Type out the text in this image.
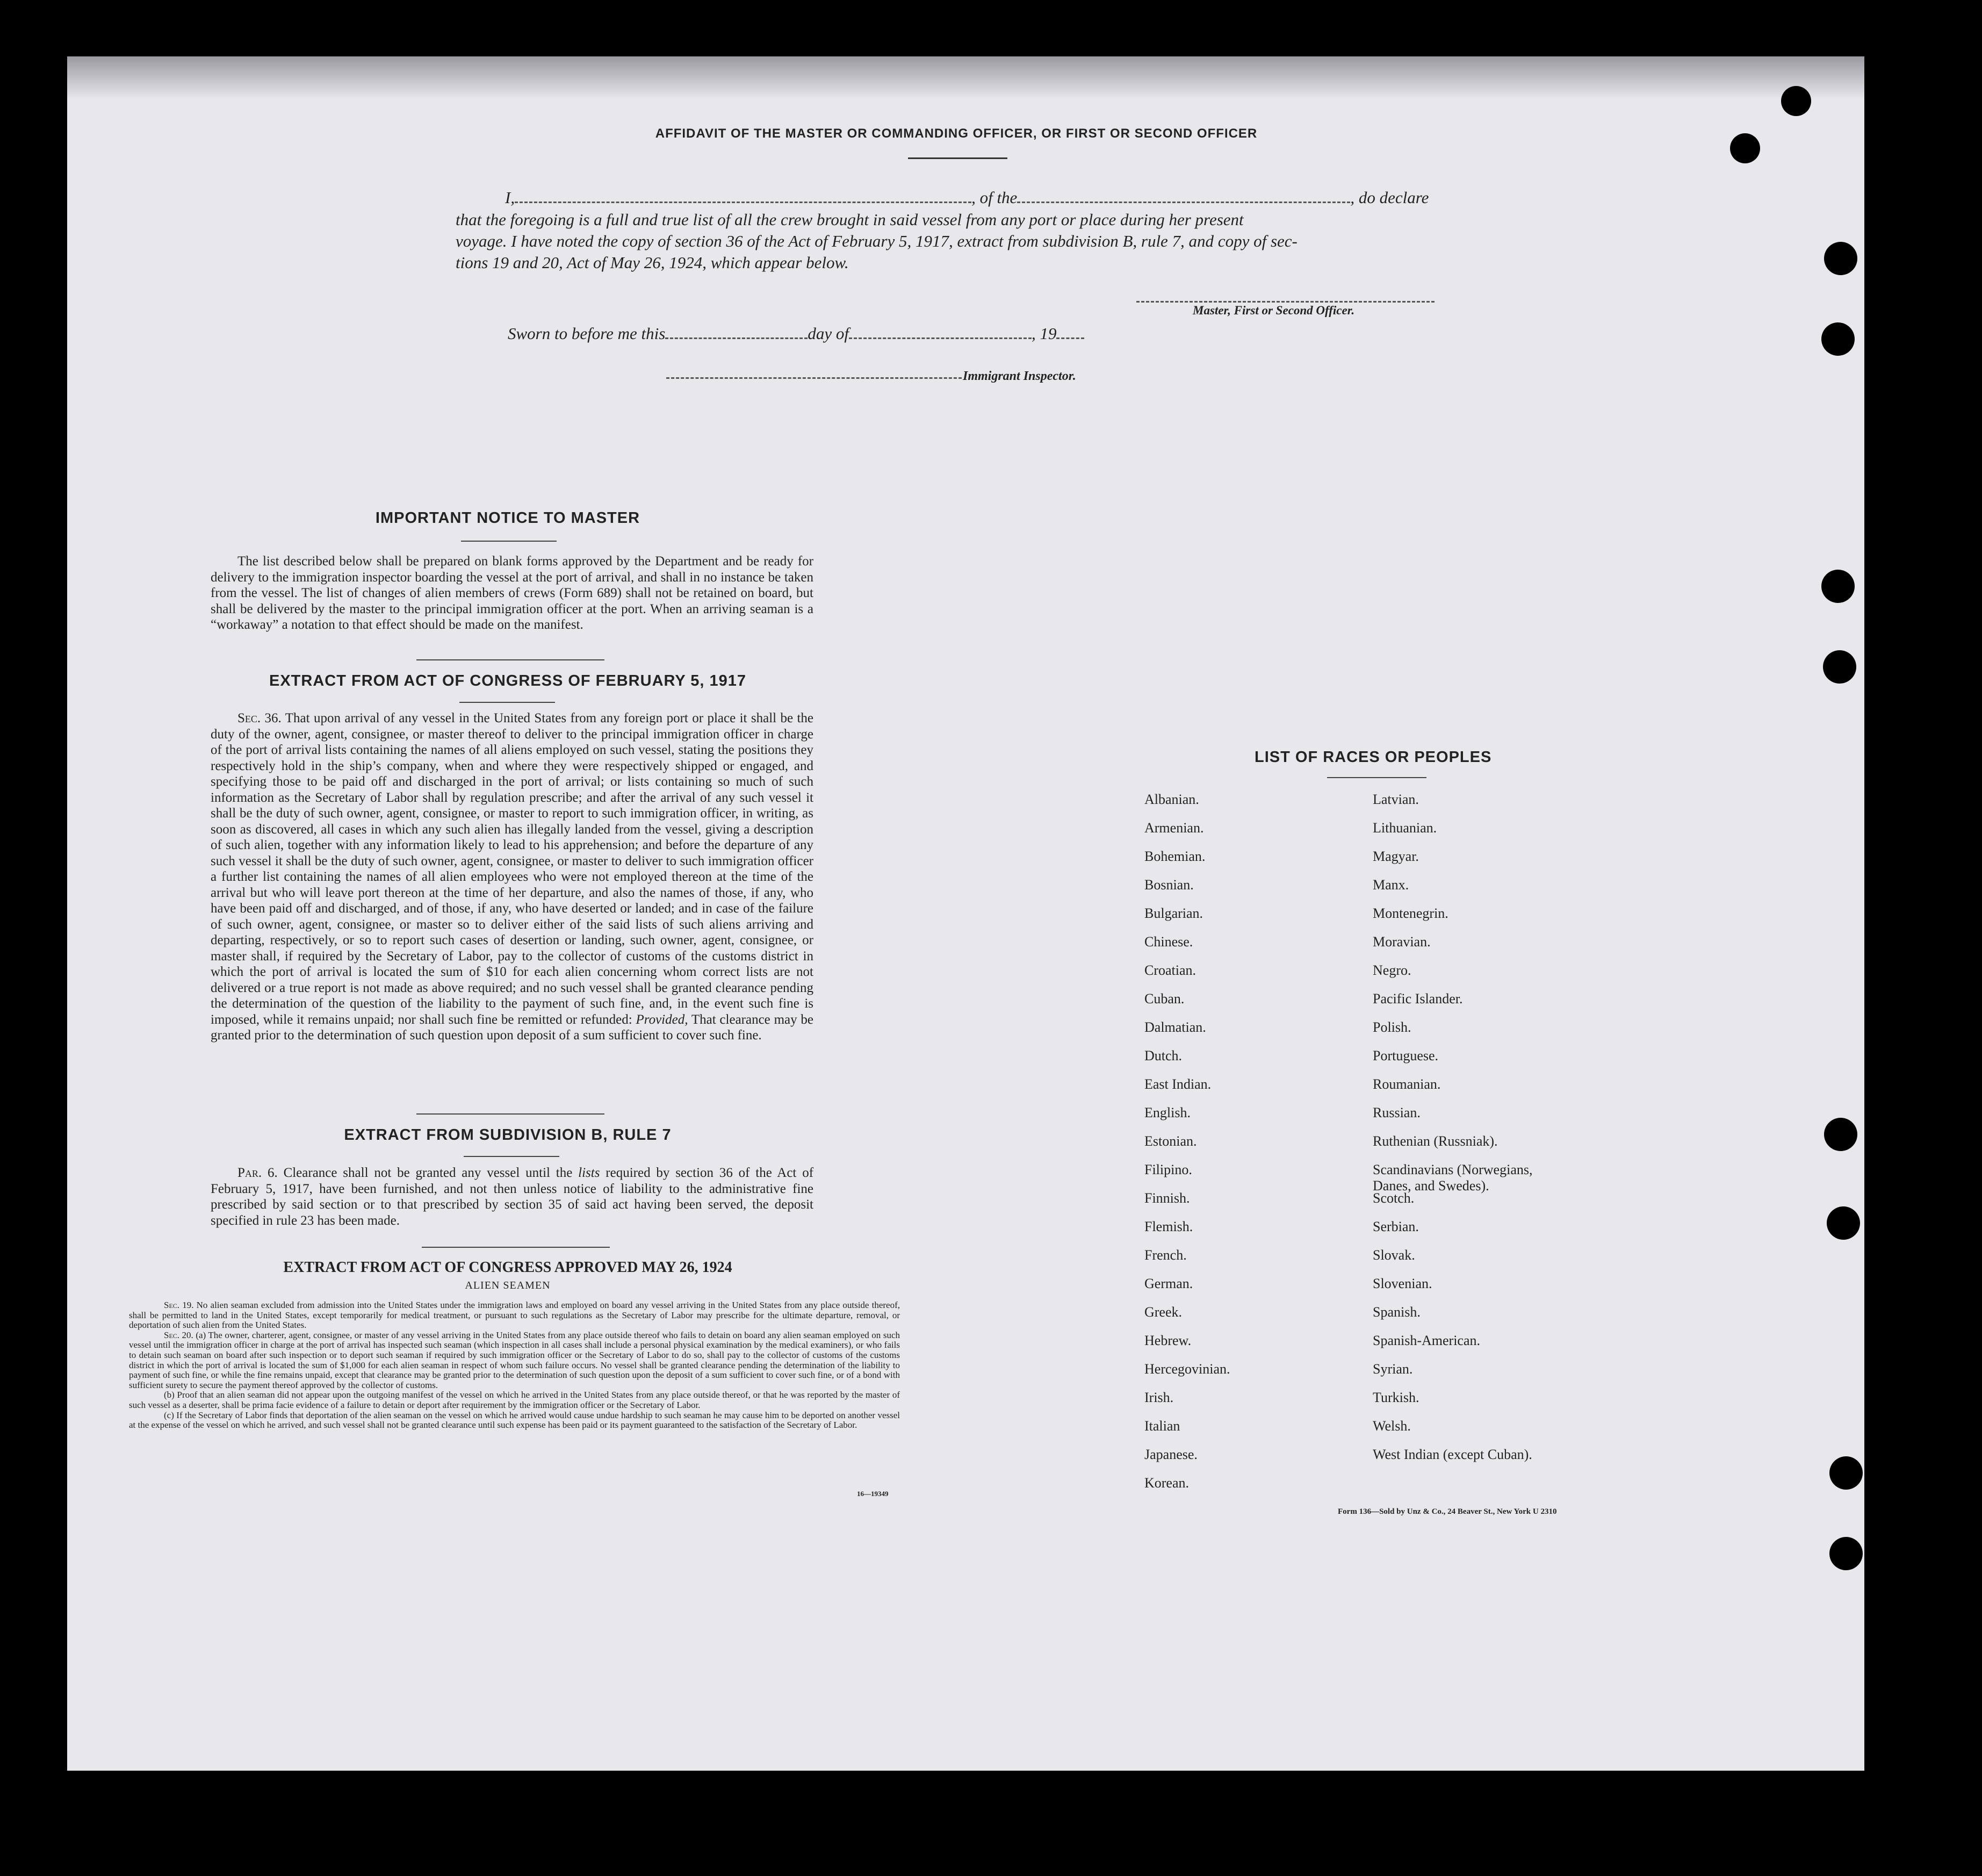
AFFIDAVIT OF THE MASTER OR COMMANDING OFFICER, OR FIRST OR SECOND OFFICER
I,	, of the	, do declare
that the foregoing is a full and true list of all the crew brought in said vessel from any port or place during her present
voyage. I have noted the copy of section 36 of the Act of February 5, 1917, extract from subdivision B, rule 7, and copy of sec-
tions 19 and 20, Act of May 26, 1924, which appear below.
Master, First or Second Officer.
Sworn to before me this	day of	, 19
Immigrant Inspector.
IMPORTANT NOTICE TO MASTER
The list described below shall be prepared on blank forms approved by the Department and be ready for delivery to the immigration inspector boarding the vessel at the port of arrival, and shall in no instance be taken from the vessel. The list of changes of alien members of crews (Form 689) shall not be retained on board, but shall be delivered by the master to the principal immigration officer at the port. When an arriving seaman is a “workaway” a notation to that effect should be made on the manifest.
EXTRACT FROM ACT OF CONGRESS OF FEBRUARY 5, 1917
Sec. 36. That upon arrival of any vessel in the United States from any foreign port or place it shall be the duty of the owner, agent, consignee, or master thereof to deliver to the principal immigration officer in charge of the port of arrival lists containing the names of all aliens employed on such vessel, stating the positions they respectively hold in the ship’s company, when and where they were respectively shipped or engaged, and specifying those to be paid off and discharged in the port of arrival; or lists containing so much of such information as the Secretary of Labor shall by regulation prescribe; and after the arrival of any such vessel it shall be the duty of such owner, agent, consignee, or master to report to such immigration officer, in writing, as soon as discovered, all cases in which any such alien has illegally landed from the vessel, giving a description of such alien, together with any information likely to lead to his apprehension; and before the departure of any such vessel it shall be the duty of such owner, agent, consignee, or master to deliver to such immigration officer a further list containing the names of all alien employees who were not employed thereon at the time of the arrival but who will leave port thereon at the time of her departure, and also the names of those, if any, who have been paid off and discharged, and of those, if any, who have deserted or landed; and in case of the failure of such owner, agent, consignee, or master so to deliver either of the said lists of such aliens arriving and departing, respectively, or so to report such cases of desertion or landing, such owner, agent, consignee, or master shall, if required by the Secretary of Labor, pay to the collector of customs of the customs district in which the port of arrival is located the sum of $10 for each alien concerning whom correct lists are not delivered or a true report is not made as above required; and no such vessel shall be granted clearance pending the determination of the question of the liability to the payment of such fine, and, in the event such fine is imposed, while it remains unpaid; nor shall such fine be remitted or refunded: Provided, That clearance may be granted prior to the determination of such question upon deposit of a sum sufficient to cover such fine.
EXTRACT FROM SUBDIVISION B, RULE 7
Par. 6. Clearance shall not be granted any vessel until the lists required by section 36 of the Act of February 5, 1917, have been furnished, and not then unless notice of liability to the administrative fine prescribed by said section or to that prescribed by section 35 of said act having been served, the deposit specified in rule 23 has been made.
EXTRACT FROM ACT OF CONGRESS APPROVED MAY 26, 1924
ALIEN SEAMEN
Sec. 19. No alien seaman excluded from admission into the United States under the immigration laws and employed on board any vessel arriving in the United States from any place outside thereof, shall be permitted to land in the United States, except temporarily for medical treatment, or pursuant to such regulations as the Secretary of Labor may prescribe for the ultimate departure, removal, or deportation of such alien from the United States.
Sec. 20. (a) The owner, charterer, agent, consignee, or master of any vessel arriving in the United States from any place outside thereof who fails to detain on board any alien seaman employed on such vessel until the immigration officer in charge at the port of arrival has inspected such seaman (which inspection in all cases shall include a personal physical examination by the medical examiners), or who fails to detain such seaman on board after such inspection or to deport such seaman if required by such immigration officer or the Secretary of Labor to do so, shall pay to the collector of customs of the customs district in which the port of arrival is located the sum of $1,000 for each alien seaman in respect of whom such failure occurs. No vessel shall be granted clearance pending the determination of the liability to payment of such fine, or while the fine remains unpaid, except that clearance may be granted prior to the determination of such question upon the deposit of a sum sufficient to cover such fine, or of a bond with sufficient surety to secure the payment thereof approved by the collector of customs.
(b) Proof that an alien seaman did not appear upon the outgoing manifest of the vessel on which he arrived in the United States from any place outside thereof, or that he was reported by the master of such vessel as a deserter, shall be prima facie evidence of a failure to detain or deport after requirement by the immigration officer or the Secretary of Labor.
(c) If the Secretary of Labor finds that deportation of the alien seaman on the vessel on which he arrived would cause undue hardship to such seaman he may cause him to be deported on another vessel at the expense of the vessel on which he arrived, and such vessel shall not be granted clearance until such expense has been paid or its payment guaranteed to the satisfaction of the Secretary of Labor.
16—19349
LIST OF RACES OR PEOPLES
Albanian.
Armenian.
Bohemian.
Bosnian.
Bulgarian.
Chinese.
Croatian.
Cuban.
Dalmatian.
Dutch.
East Indian.
English.
Estonian.
Filipino.
Finnish.
Flemish.
French.
German.
Greek.
Hebrew.
Hercegovinian.
Irish.
Italian
Japanese.
Korean.
Latvian.
Lithuanian.
Magyar.
Manx.
Montenegrin.
Moravian.
Negro.
Pacific Islander.
Polish.
Portuguese.
Roumanian.
Russian.
Ruthenian (Russniak).
Scandinavians (Norwegians,
Danes, and Swedes).
Scotch.
Serbian.
Slovak.
Slovenian.
Spanish.
Spanish-American.
Syrian.
Turkish.
Welsh.
West Indian (except Cuban).
Form 136—Sold by Unz & Co., 24 Beaver St., New York U 2310
